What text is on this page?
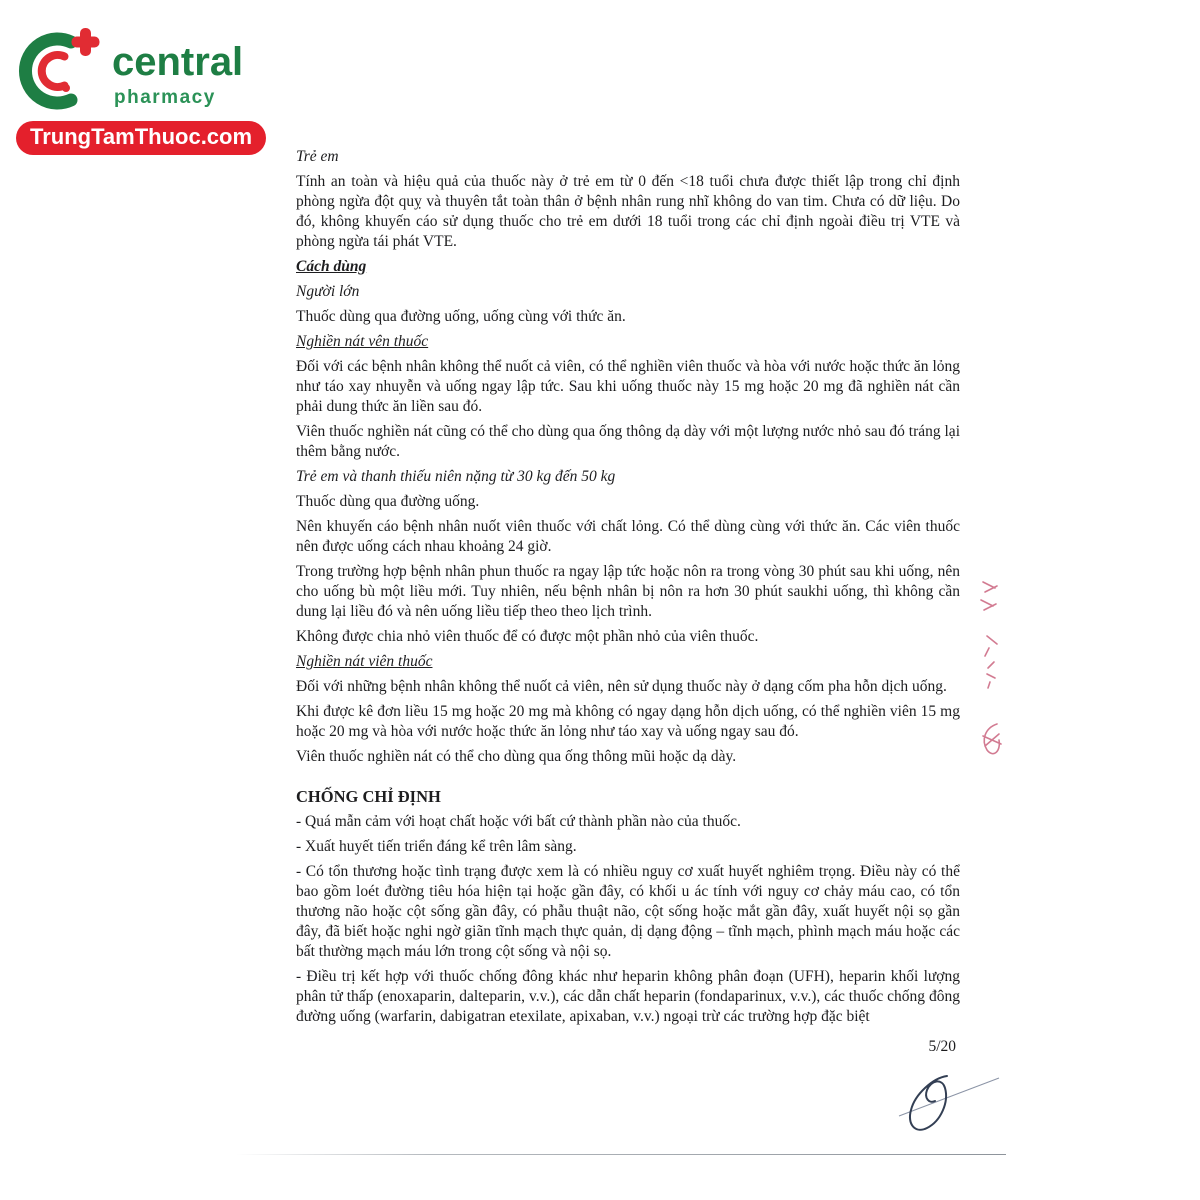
central
pharmacy
TrungTamThuoc.com
Trẻ em
Tính an toàn và hiệu quả của thuốc này ở trẻ em từ 0 đến <18 tuổi chưa được thiết lập trong chỉ định phòng ngừa đột quỵ và thuyên tắt toàn thân ở bệnh nhân rung nhĩ không do van tim. Chưa có dữ liệu. Do đó, không khuyến cáo sử dụng thuốc cho trẻ em dưới 18 tuổi trong các chỉ định ngoài điều trị VTE và phòng ngừa tái phát VTE.
Cách dùng
Người lớn
Thuốc dùng qua đường uống, uống cùng với thức ăn.
Nghiền nát vên thuốc
Đối với các bệnh nhân không thể nuốt cả viên, có thể nghiền viên thuốc và hòa với nước hoặc thức ăn lỏng như táo xay nhuyễn và uống ngay lập tức. Sau khi uống thuốc này 15 mg hoặc 20 mg đã nghiền nát cần phải dung thức ăn liền sau đó.
Viên thuốc nghiền nát cũng có thể cho dùng qua ống thông dạ dày với một lượng nước nhỏ sau đó tráng lại thêm bằng nước.
Trẻ em và thanh thiếu niên nặng từ 30 kg đến 50 kg
Thuốc dùng qua đường uống.
Nên khuyến cáo bệnh nhân nuốt viên thuốc với chất lỏng. Có thể dùng cùng với thức ăn. Các viên thuốc nên được uống cách nhau khoảng 24 giờ.
Trong trường hợp bệnh nhân phun thuốc ra ngay lập tức hoặc nôn ra trong vòng 30 phút sau khi uống, nên cho uống bù một liều mới. Tuy nhiên, nếu bệnh nhân bị nôn ra hơn 30 phút saukhi uống, thì không cần dung lại liều đó và nên uống liều tiếp theo theo lịch trình.
Không được chia nhỏ viên thuốc để có được một phần nhỏ của viên thuốc.
Nghiền nát viên thuốc
Đối với những bệnh nhân không thể nuốt cả viên, nên sử dụng thuốc này ở dạng cốm pha hỗn dịch uống.
Khi được kê đơn liều 15 mg hoặc 20 mg mà không có ngay dạng hỗn dịch uống, có thể nghiền viên 15 mg hoặc 20 mg và hòa với nước hoặc thức ăn lỏng như táo xay và uống ngay sau đó.
Viên thuốc nghiền nát có thể cho dùng qua ống thông mũi hoặc dạ dày.
CHỐNG CHỈ ĐỊNH
- Quá mẫn cảm với hoạt chất hoặc với bất cứ thành phần nào của thuốc.
- Xuất huyết tiến triển đáng kể trên lâm sàng.
- Có tổn thương hoặc tình trạng được xem là có nhiều nguy cơ xuất huyết nghiêm trọng. Điều này có thể bao gồm loét đường tiêu hóa hiện tại hoặc gần đây, có khối u ác tính với nguy cơ chảy máu cao, có tổn thương não hoặc cột sống gần đây, có phẫu thuật não, cột sống hoặc mắt gần đây, xuất huyết nội sọ gần đây, đã biết hoặc nghi ngờ giãn tĩnh mạch thực quản, dị dạng động – tĩnh mạch, phình mạch máu hoặc các bất thường mạch máu lớn trong cột sống và nội sọ.
- Điều trị kết hợp với thuốc chống đông khác như heparin không phân đoạn (UFH), heparin khối lượng phân tử thấp (enoxaparin, dalteparin, v.v.), các dẫn chất heparin (fondaparinux, v.v.), các thuốc chống đông đường uống (warfarin, dabigatran etexilate, apixaban, v.v.) ngoại trừ các trường hợp đặc biệt
5/20
